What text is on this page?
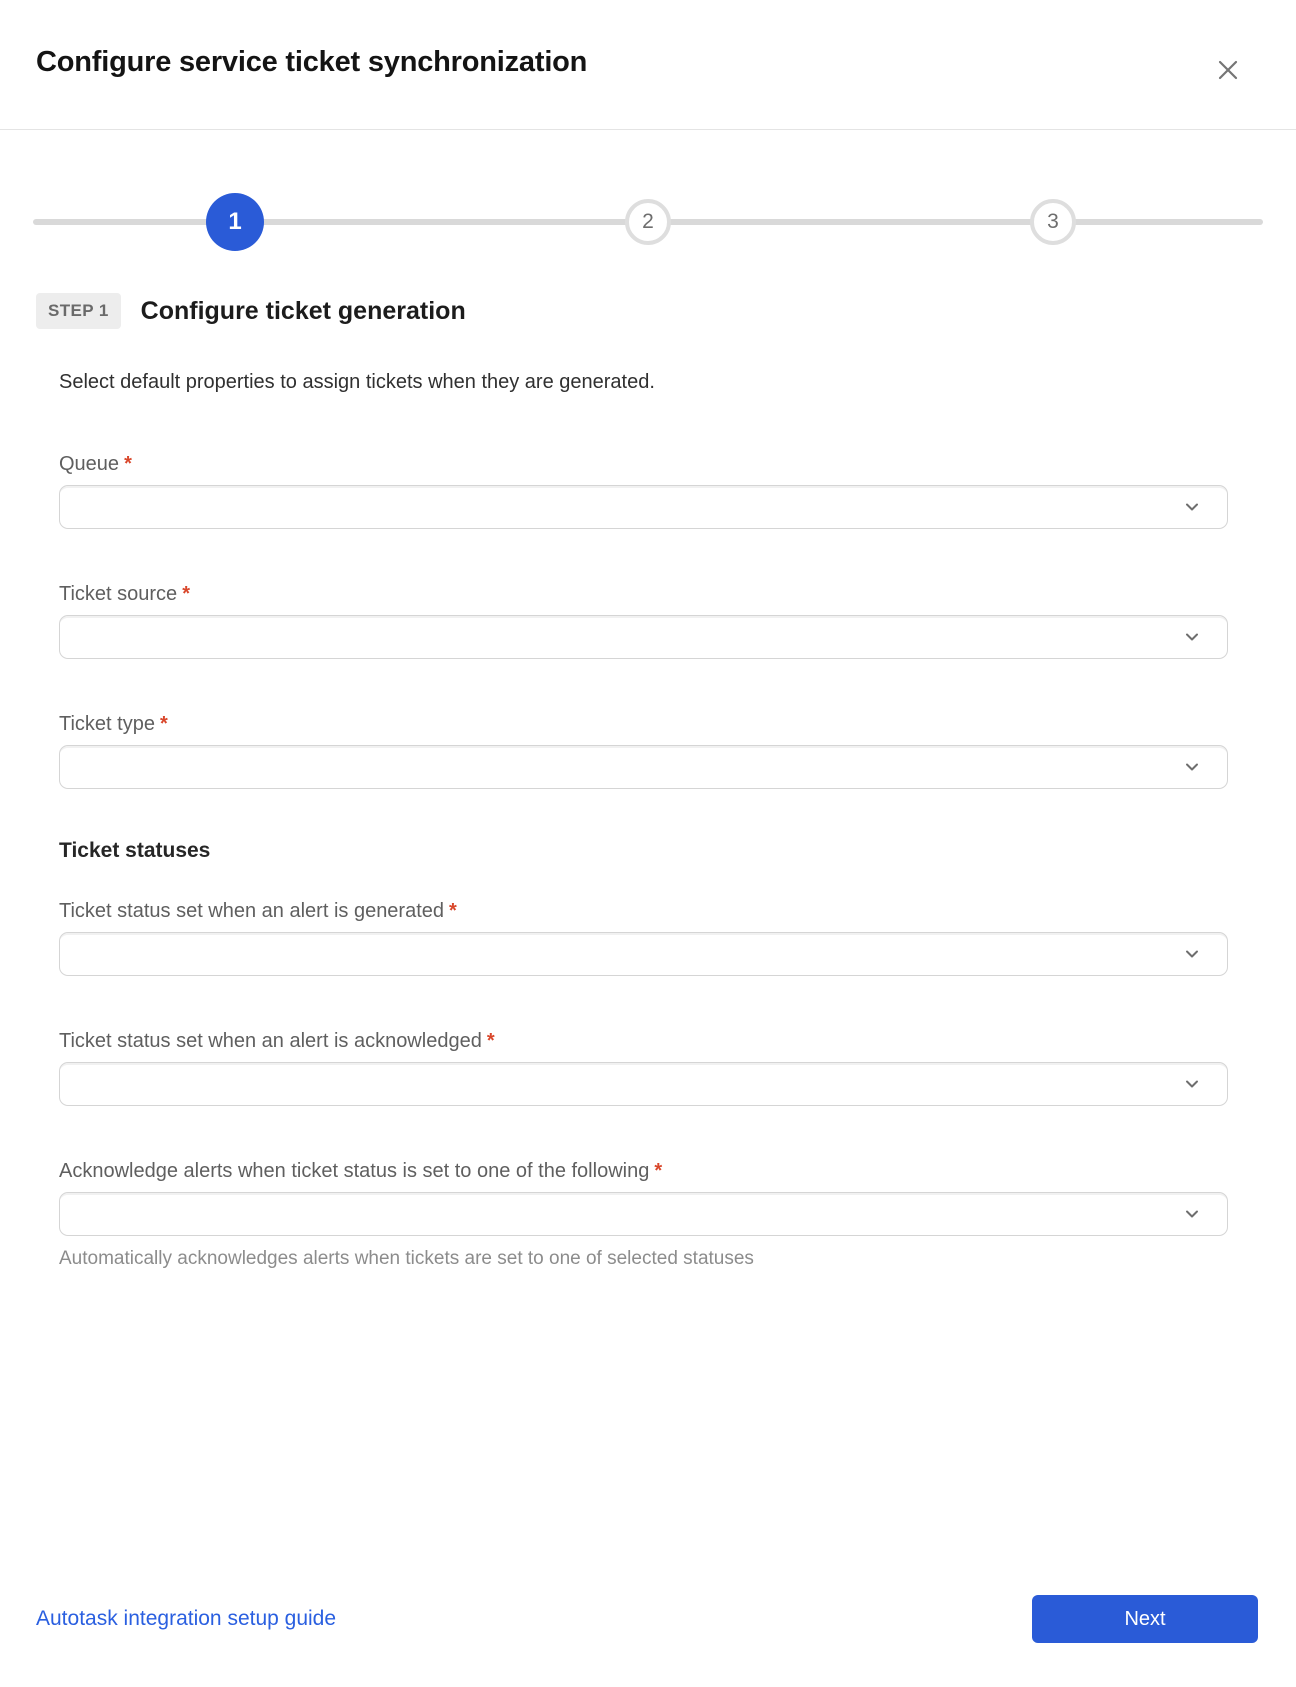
Configure service ticket synchronization
1	2	3
STEP 1	Configure ticket generation
Select default properties to assign tickets when they are generated.
Queue *
Ticket source *
Ticket type *
Ticket statuses
Ticket status set when an alert is generated *
Ticket status set when an alert is acknowledged *
Acknowledge alerts when ticket status is set to one of the following *
Automatically acknowledges alerts when tickets are set to one of selected statuses
Autotask integration setup guide	Next
